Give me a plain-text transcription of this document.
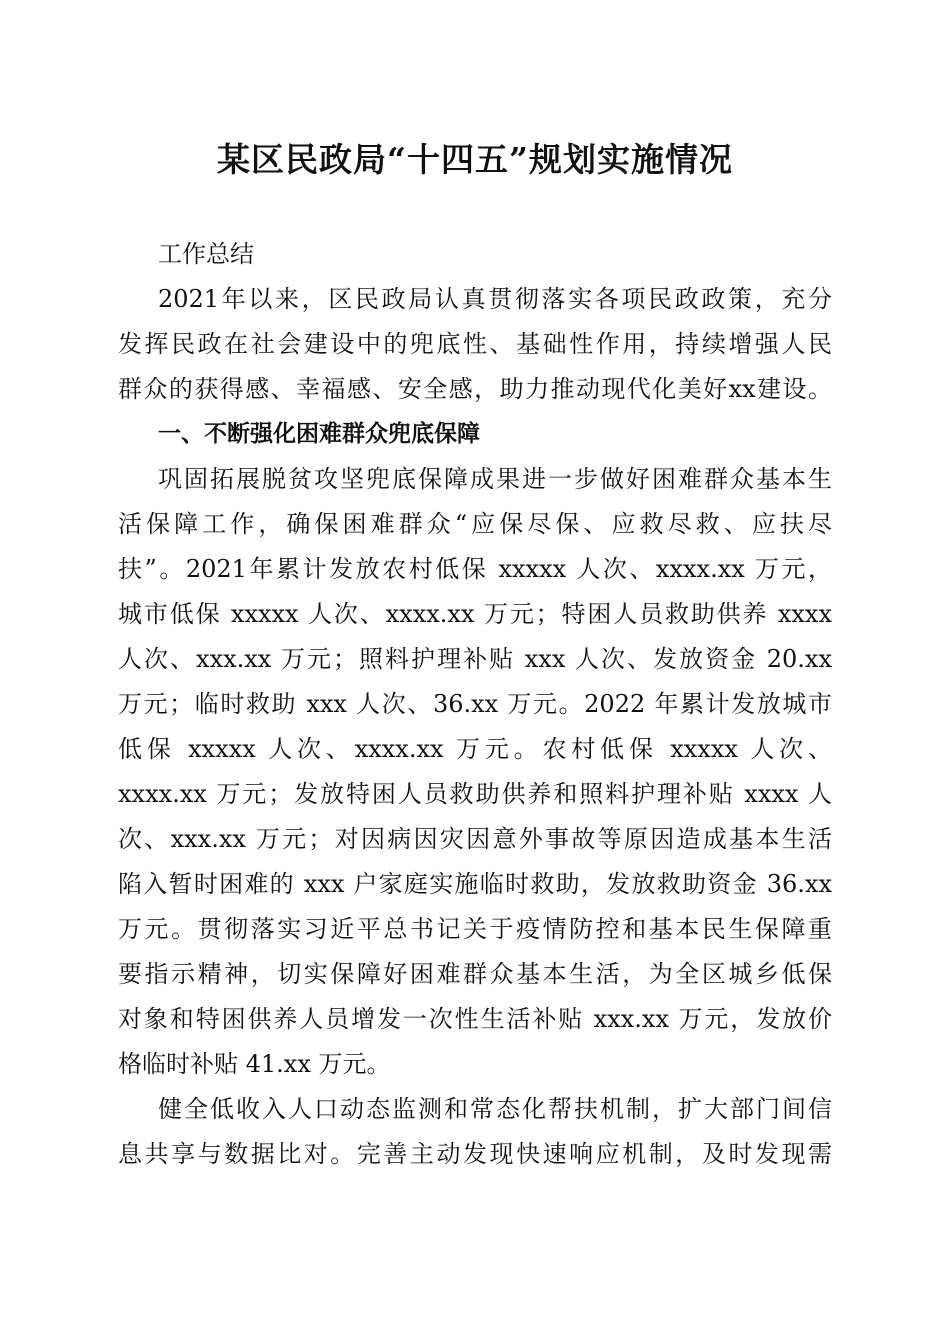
某区民政局“十四五”规划实施情况
工作总结
2021年以来，区民政局认真贯彻落实各项民政政策，充分
发挥民政在社会建设中的兜底性、基础性作用，持续增强人民
群众的获得感、幸福感、安全感，助力推动现代化美好xx建设。
一、不断强化困难群众兜底保障
巩固拓展脱贫攻坚兜底保障成果进一步做好困难群众基本生
活保障工作，确保困难群众“应保尽保、应救尽救、应扶尽
扶”。2021年累计发放农村低保 xxxxx 人次、xxxx.xx 万元，
城市低保 xxxxx 人次、xxxx.xx 万元；特困人员救助供养 xxxx
人次、xxx.xx 万元；照料护理补贴 xxx 人次、发放资金 20.xx
万元；临时救助 xxx 人次、36.xx 万元。2022 年累计发放城市
低保 xxxxx 人次、xxxx.xx 万元。农村低保 xxxxx 人次、
xxxx.xx 万元；发放特困人员救助供养和照料护理补贴 xxxx 人
次、xxx.xx 万元；对因病因灾因意外事故等原因造成基本生活
陷入暂时困难的 xxx 户家庭实施临时救助，发放救助资金 36.xx
万元。贯彻落实习近平总书记关于疫情防控和基本民生保障重
要指示精神，切实保障好困难群众基本生活，为全区城乡低保
对象和特困供养人员增发一次性生活补贴 xxx.xx 万元，发放价
格临时补贴 41.xx 万元。
健全低收入人口动态监测和常态化帮扶机制，扩大部门间信
息共享与数据比对。完善主动发现快速响应机制，及时发现需
